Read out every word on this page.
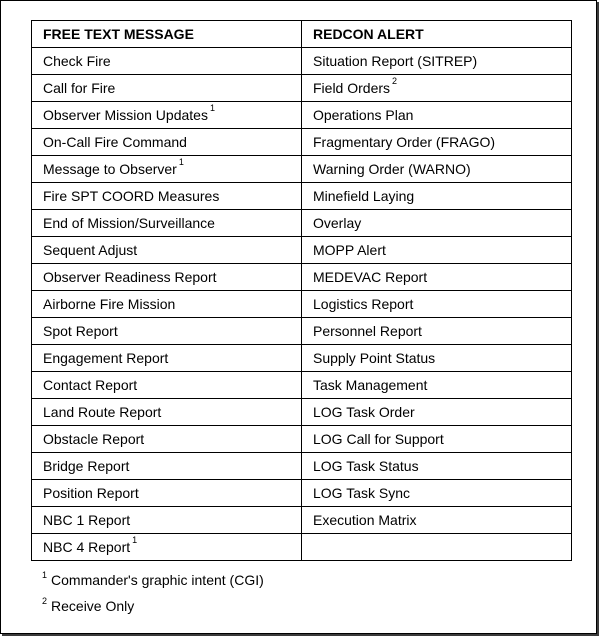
FREE TEXT MESSAGE	REDCON ALERT
Check Fire	Situation Report (SITREP)
Call for Fire	Field Orders $^2$
Observer Mission Updates $^1$	Operations Plan
On-Call Fire Command	Fragmentary Order (FRAGO)
Message to Observer $^1$	Warning Order (WARNO)
Fire SPT COORD Measures	Minefield Laying
End of Mission/Surveillance	Overlay
Sequent Adjust	MOPP Alert
Observer Readiness Report	MEDEVAC Report
Airborne Fire Mission	Logistics Report
Spot Report	Personnel Report
Engagement Report	Supply Point Status
Contact Report	Task Management
Land Route Report	LOG Task Order
Obstacle Report	LOG Call for Support
Bridge Report	LOG Task Status
Position Report	LOG Task Sync
NBC 1 Report	Execution Matrix
NBC 4 Report $^1$	
$^1$ Commander's graphic intent (CGI)
$^2$ Receive Only
